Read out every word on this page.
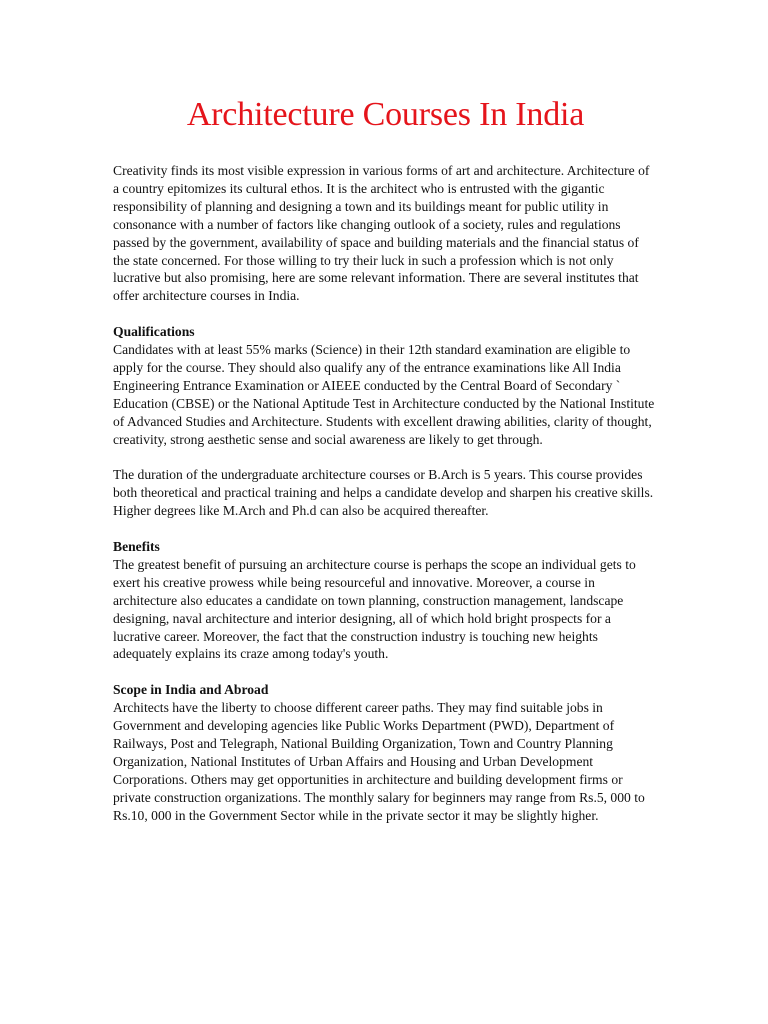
Architecture Courses In India

Creativity finds its most visible expression in various forms of art and architecture. Architecture of a country epitomizes its cultural ethos. It is the architect who is entrusted with the gigantic responsibility of planning and designing a town and its buildings meant for public utility in consonance with a number of factors like changing outlook of a society, rules and regulations passed by the government, availability of space and building materials and the financial status of the state concerned. For those willing to try their luck in such a profession which is not only lucrative but also promising, here are some relevant information. There are several institutes that offer architecture courses in India.

Qualifications

Candidates with at least 55% marks (Science) in their 12th standard examination are eligible to apply for the course. They should also qualify any of the entrance examinations like All India Engineering Entrance Examination or AIEEE conducted by the Central Board of Secondary ` Education (CBSE) or the National Aptitude Test in Architecture conducted by the National Institute of Advanced Studies and Architecture. Students with excellent drawing abilities, clarity of thought, creativity, strong aesthetic sense and social awareness are likely to get through.

The duration of the undergraduate architecture courses or B.Arch is 5 years. This course provides both theoretical and practical training and helps a candidate develop and sharpen his creative skills. Higher degrees like M.Arch and Ph.d can also be acquired thereafter.

Benefits

The greatest benefit of pursuing an architecture course is perhaps the scope an individual gets to exert his creative prowess while being resourceful and innovative. Moreover, a course in architecture also educates a candidate on town planning, construction management, landscape designing, naval architecture and interior designing, all of which hold bright prospects for a lucrative career. Moreover, the fact that the construction industry is touching new heights adequately explains its craze among today's youth.

Scope in India and Abroad

Architects have the liberty to choose different career paths. They may find suitable jobs in Government and developing agencies like Public Works Department (PWD), Department of Railways, Post and Telegraph, National Building Organization, Town and Country Planning Organization, National Institutes of Urban Affairs and Housing and Urban Development Corporations. Others may get opportunities in architecture and building development firms or private construction organizations. The monthly salary for beginners may range from Rs.5, 000 to Rs.10, 000 in the Government Sector while in the private sector it may be slightly higher.
